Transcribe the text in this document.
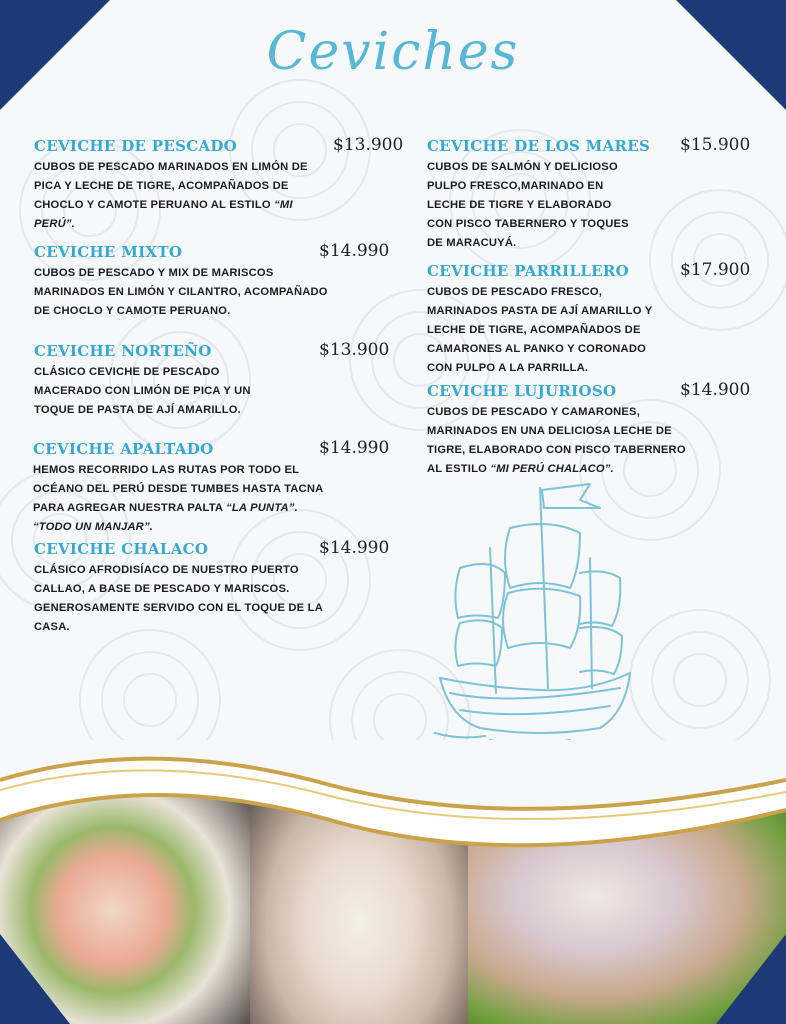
Ceviches
CEVICHE DE PESCADO	$13.900
CUBOS DE PESCADO MARINADOS EN LIMÓN DE PICA Y LECHE DE TIGRE, ACOMPAÑADOS DE CHOCLO Y CAMOTE PERUANO AL ESTILO “MI PERÚ”.
CEVICHE MIXTO	$14.990
CUBOS DE PESCADO Y MIX DE MARISCOS MARINADOS EN LIMÓN Y CILANTRO, ACOMPAÑADO DE CHOCLO Y CAMOTE PERUANO.
CEVICHE NORTEÑO	$13.900
CLÁSICO CEVICHE DE PESCADO MACERADO CON LIMÓN DE PICA Y UN TOQUE DE PASTA DE AJÍ AMARILLO.
CEVICHE APALTADO	$14.990
HEMOS RECORRIDO LAS RUTAS POR TODO EL OCÉANO DEL PERÚ DESDE TUMBES HASTA TACNA PARA AGREGAR NUESTRA PALTA “LA PUNTA”. “TODO UN MANJAR”.
CEVICHE CHALACO	$14.990
CLÁSICO AFRODISÍACO DE NUESTRO PUERTO CALLAO, A BASE DE PESCADO Y MARISCOS. GENEROSAMENTE SERVIDO CON EL TOQUE DE LA CASA.
CEVICHE DE LOS MARES	$15.900
CUBOS DE SALMÓN Y DELICIOSO PULPO FRESCO,MARINADO EN LECHE DE TIGRE Y ELABORADO CON PISCO TABERNERO Y TOQUES DE MARACUYÁ.
CEVICHE PARRILLERO	$17.900
CUBOS DE PESCADO FRESCO, MARINADOS PASTA DE AJÍ AMARILLO Y LECHE DE TIGRE, ACOMPAÑADOS DE CAMARONES AL PANKO Y CORONADO CON PULPO A LA PARRILLA.
CEVICHE LUJURIOSO	$14.900
CUBOS DE PESCADO Y CAMARONES, MARINADOS EN UNA DELICIOSA LECHE DE TIGRE, ELABORADO CON PISCO TABERNERO AL ESTILO “MI PERÚ CHALACO”.
